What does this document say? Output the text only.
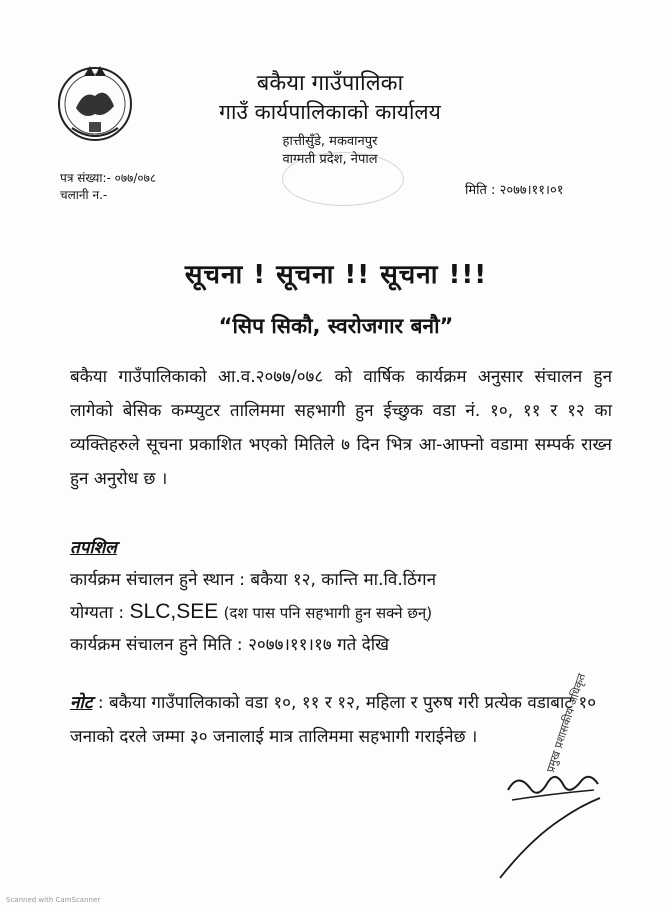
बकैया गाउँपालिका
गाउँ कार्यपालिकाको कार्यालय
हात्तीसुँडे, मकवानपुर
वाग्मती प्रदेश, नेपाल
पत्र संख्या:- ०७७/०७८
चलानी न.-	मिति : २०७७।११।०१
सूचना ! सूचना !! सूचना !!!
“सिप सिकौ, स्वरोजगार बनौ”
बकैया गाउँपालिकाको आ.व.२०७७/०७८ को वार्षिक कार्यक्रम अनुसार संचालन हुन लागेको बेसिक कम्प्युटर तालिममा सहभागी हुन ईच्छुक वडा नं. १०, ११ र १२ का व्यक्तिहरुले सूचना प्रकाशित भएको मितिले ७ दिन भित्र आ-आफ्नो वडामा सम्पर्क राख्न हुन अनुरोध छ ।
तपशिल
कार्यक्रम संचालन हुने स्थान : बकैया १२, कान्ति मा.वि.ठिंगन
योग्यता : SLC,SEE (दश पास पनि सहभागी हुन सक्ने छन्)
कार्यक्रम संचालन हुने मिति : २०७७।११।१७ गते देखि
नोट : बकैया गाउँपालिकाको वडा १०, ११ र १२, महिला र पुरुष गरी प्रत्येक वडाबाट १० जनाको दरले जम्मा ३० जनालाई मात्र तालिममा सहभागी गराईनेछ ।	प्रमुख प्रशासकीय अधिकृत
Scanned with CamScanner
